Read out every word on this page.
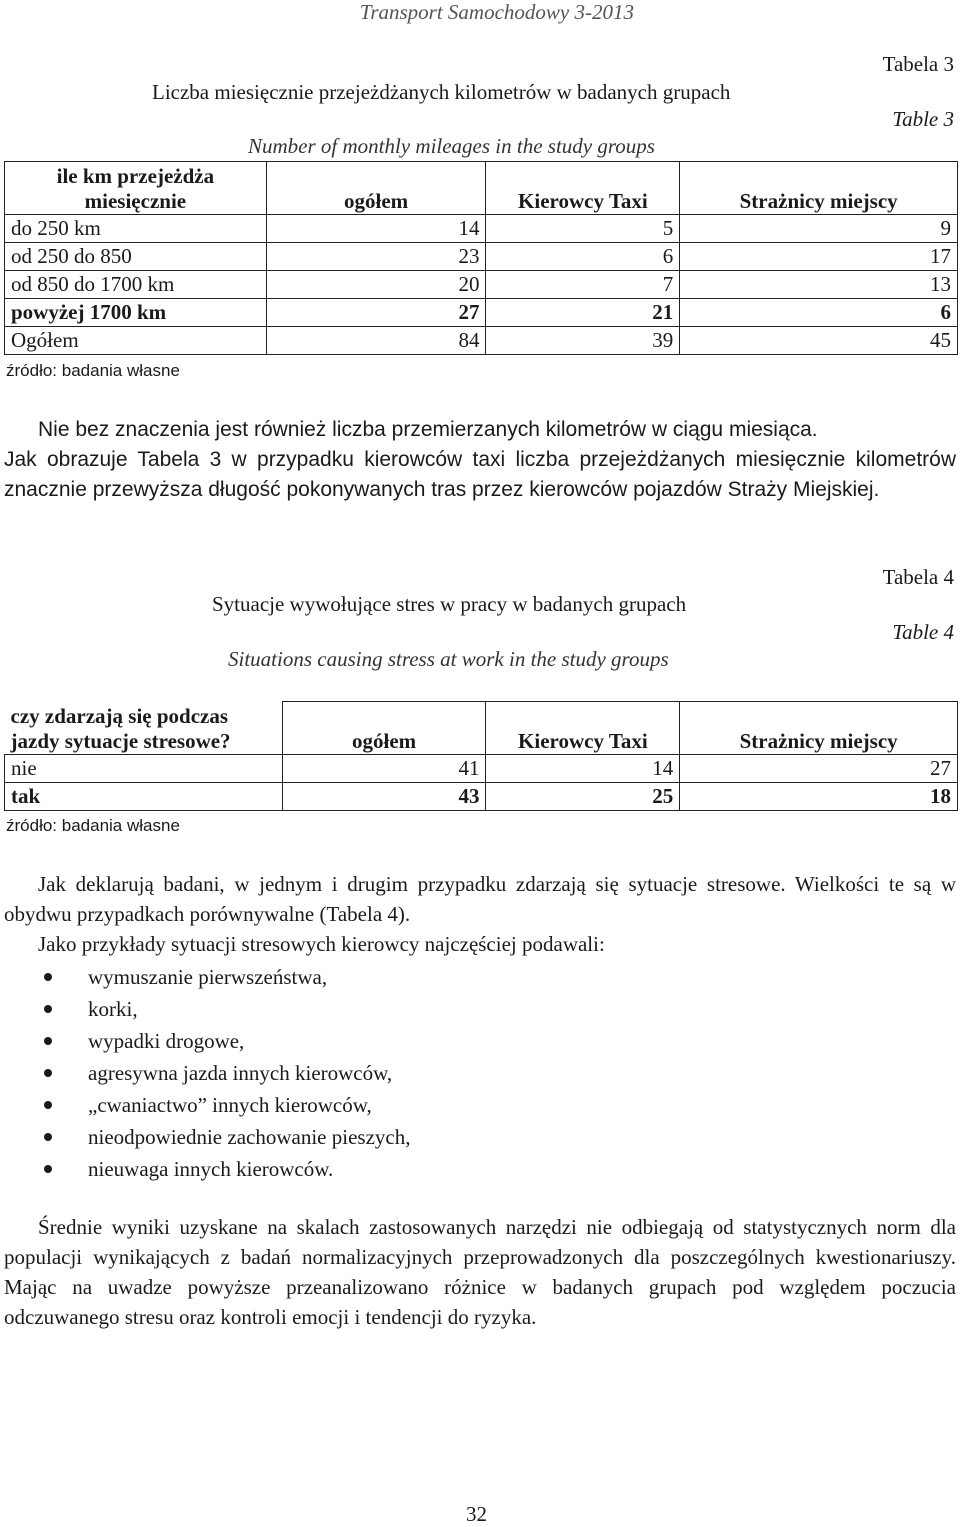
Transport Samochodowy 3-2013
Tabela 3
Table 3
Liczba miesięcznie przejeżdżanych kilometrów w badanych grupach
Number of monthly mileages in the study groups
ile km przejeżdża miesięcznie	ogółem	Kierowcy Taxi	Strażnicy miejscy
do 250 km	14	5	9
od 250 do 850	23	6	17
od 850 do 1700 km	20	7	13
powyżej 1700 km	27	21	6
Ogółem	84	39	45
źródło: badania własne

Nie bez znaczenia jest również liczba przemierzanych kilometrów w ciągu miesiąca.

Jak obrazuje Tabela 3 w przypadku kierowców taxi liczba przejeżdżanych miesięcznie kilometrów znacznie przewyższa długość pokonywanych tras przez kierowców pojazdów Straży Miejskiej.

Tabela 4
Table 4
Sytuacje wywołujące stres w pracy w badanych grupach
Situations causing stress at work in the study groups
czy zdarzają się podczas jazdy sytuacje stresowe?	ogółem	Kierowcy Taxi	Strażnicy miejscy
nie	41	14	27
tak	43	25	18
źródło: badania własne

Jak deklarują badani, w jednym i drugim przypadku zdarzają się sytuacje stresowe. Wielkości te są w obydwu przypadkach porównywalne (Tabela 4).

Jako przykłady sytuacji stresowych kierowcy najczęściej podawali:

wymuszanie pierwszeństwa,
korki,
wypadki drogowe,
agresywna jazda innych kierowców,
„cwaniactwo” innych kierowców,
nieodpowiednie zachowanie pieszych,
nieuwaga innych kierowców.

Średnie wyniki uzyskane na skalach zastosowanych narzędzi nie odbiegają od statystycznych norm dla populacji wynikających z badań normalizacyjnych przeprowadzonych dla poszczególnych kwestionariuszy. Mając na uwadze powyższe przeanalizowano różnice w badanych grupach pod względem poczucia odczuwanego stresu oraz kontroli emocji i tendencji do ryzyka.

32
